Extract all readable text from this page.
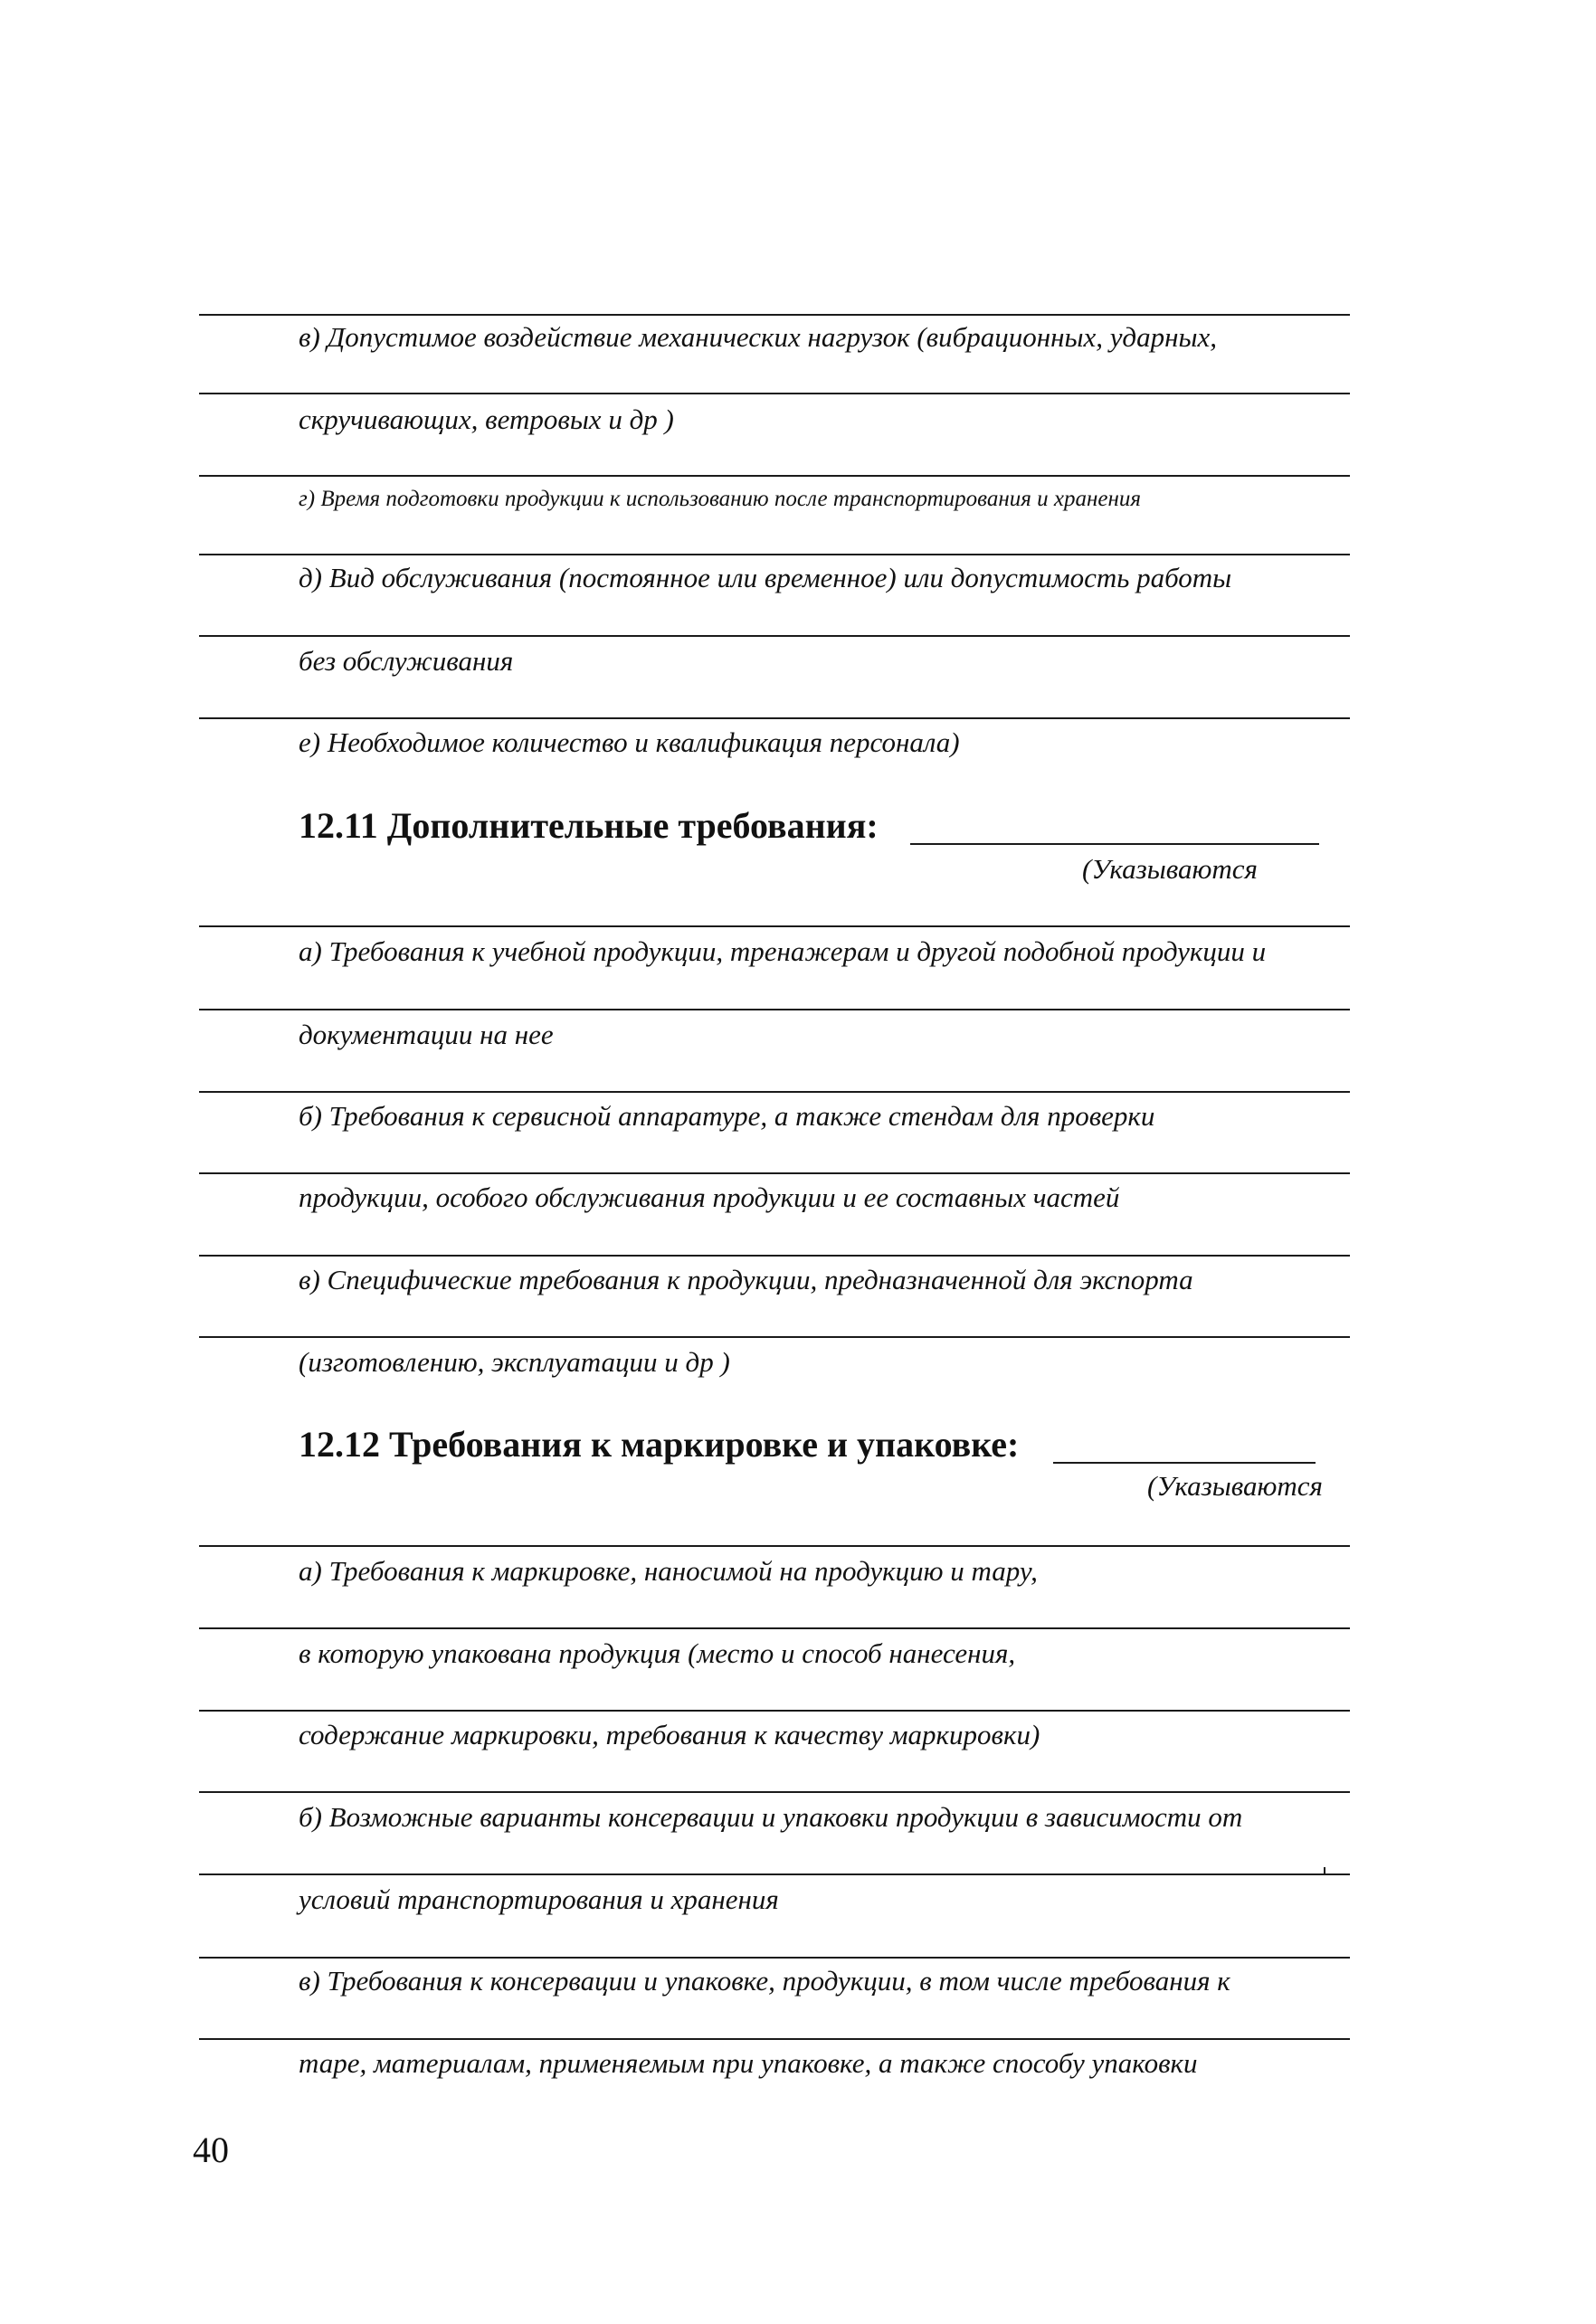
в) Допустимое воздействие механических нагрузок (вибрационных, ударных,
скручивающих, ветровых и др )
г) Время подготовки продукции к использованию после транспортирования и хранения
д) Вид обслуживания (постоянное или временное) или допустимость работы
без обслуживания
е) Необходимое количество и квалификация персонала)
12.11 Дополнительные требования:
(Указываются
а) Требования к учебной продукции, тренажерам и другой подобной продукции и
документации на нее
б) Требования к сервисной аппаратуре, а также стендам для проверки
продукции, особого обслуживания продукции и ее составных частей
в) Специфические требования к продукции, предназначенной для экспорта
(изготовлению, эксплуатации и др )
12.12 Требования к маркировке и упаковке:
(Указываются
а) Требования к маркировке, наносимой на продукцию и тару,
в которую упакована продукция (место и способ нанесения,
содержание маркировки, требования к качеству маркировки)
б) Возможные варианты консервации и упаковки продукции в зависимости от
условий транспортирования и хранения
в) Требования к консервации и упаковке, продукции, в том числе требования к
таре, материалам, применяемым при упаковке, а также способу упаковки
40
